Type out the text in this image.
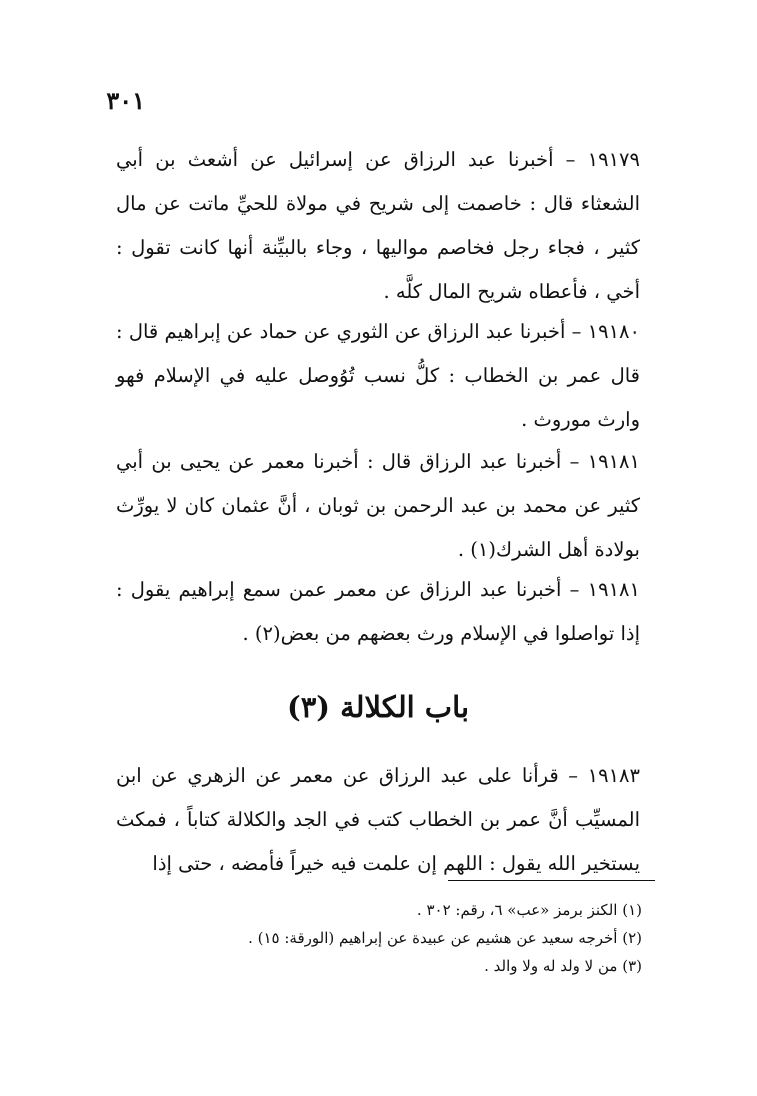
٣٠١

١٩١٧٩ – أخبرنا عبد الرزاق عن إسرائيل عن أشعث بن أبي الشعثاء قال : خاصمت إلى شريح في مولاة للحيِّ ماتت عن مال كثير ، فجاء رجل فخاصم مواليها ، وجاء بالبيِّنة أنها كانت تقول : أخي ، فأعطاه شريح المال كلَّه .

١٩١٨٠ – أخبرنا عبد الرزاق عن الثوري عن حماد عن إبراهيم قال : قال عمر بن الخطاب : كلُّ نسب تُوُوصل عليه في الإسلام فهو وارث موروث .

١٩١٨١ – أخبرنا عبد الرزاق قال : أخبرنا معمر عن يحيى بن أبي كثير عن محمد بن عبد الرحمن بن ثوبان ، أنَّ عثمان كان لا يورِّث بولادة أهل الشرك(١) .

١٩١٨١ – أخبرنا عبد الرزاق عن معمر عمن سمع إبراهيم يقول : إذا تواصلوا في الإسلام ورث بعضهم من بعض(٢) .

باب الكلالة (٣)

١٩١٨٣ – قرأنا على عبد الرزاق عن معمر عن الزهري عن ابن المسيِّب أنَّ عمر بن الخطاب كتب في الجد والكلالة كتاباً ، فمكث يستخير الله يقول : اللهم إن علمت فيه خيراً فأمضه ، حتى إذا

(١) الكنز برمز «عب» ٦، رقم: ٣٠٢ .
(٢) أخرجه سعيد عن هشيم عن عبيدة عن إبراهيم (الورقة: ١٥) .
(٣) من لا ولد له ولا والد .
